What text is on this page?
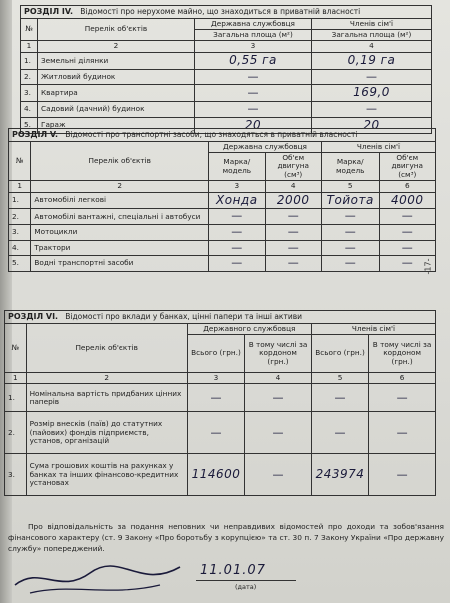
РОЗДІЛ IV. Відомості про нерухоме майно, що знаходиться в приватній власності			
№	Перелік об'єктів	Державна службовця	Членів сім'ї
		Загальна площа (м²)	Загальна площа (м²)
1	2	3	4
1.	Земельні ділянки	0,55 га	0,19 га
2.	Житловий будинок	—	—
3.	Квартира	—	169,0
4.	Садовий (дачний) будинок	—	—
5.	Гараж	20	20
РОЗДІЛ V. Відомості про транспортні засоби, що знаходяться в приватній власності					
№	Перелік об'єктів	Державна службовця		Членів сім'ї	
		Марка/ модель	Об'єм двигуна (см³)	Марка/ модель	Об'єм двигуна (см³)
1	2	3	4	5	6
1.	Автомобілі легкові	Хонда	2000	Тойота	4000
2.	Автомобілі вантажні, спеціальні і автобуси	—	—	—	—
3.	Мотоцикли	—	—	—	—
4.	Трактори	—	—	—	—
5.	Водні транспортні засоби	—	—	—	— -17-
РОЗДІЛ VI. Відомості про вклади у банках, цінні папери та інші активи					
№	Перелік об'єктів	Державного службовця		Членів сім'ї	
		Всього (грн.)	В тому числі за кордоном (грн.)	Всього (грн.)	В тому числі за кордоном (грн.)
1	2	3	4	5	6
1.	Номінальна вартість придбаних цінних паперів	—	—	—	—
2.	Розмір внесків (паїв) до статутних (пайових) фондів підприємств, установ, організацій	—	—	—	—
3.	Сума грошових коштів на рахунках у банках та інших фінансово-кредитних установах	114600	—	243974	—
Про відповідальність за подання неповних чи неправдивих відомостей про доходи та зобов'язання фінансового характеру (ст. 9 Закону «Про боротьбу з корупцією» та ст. 30 п. 7 Закону України «Про державну службу» попереджений.
11.01.07
(дата)
